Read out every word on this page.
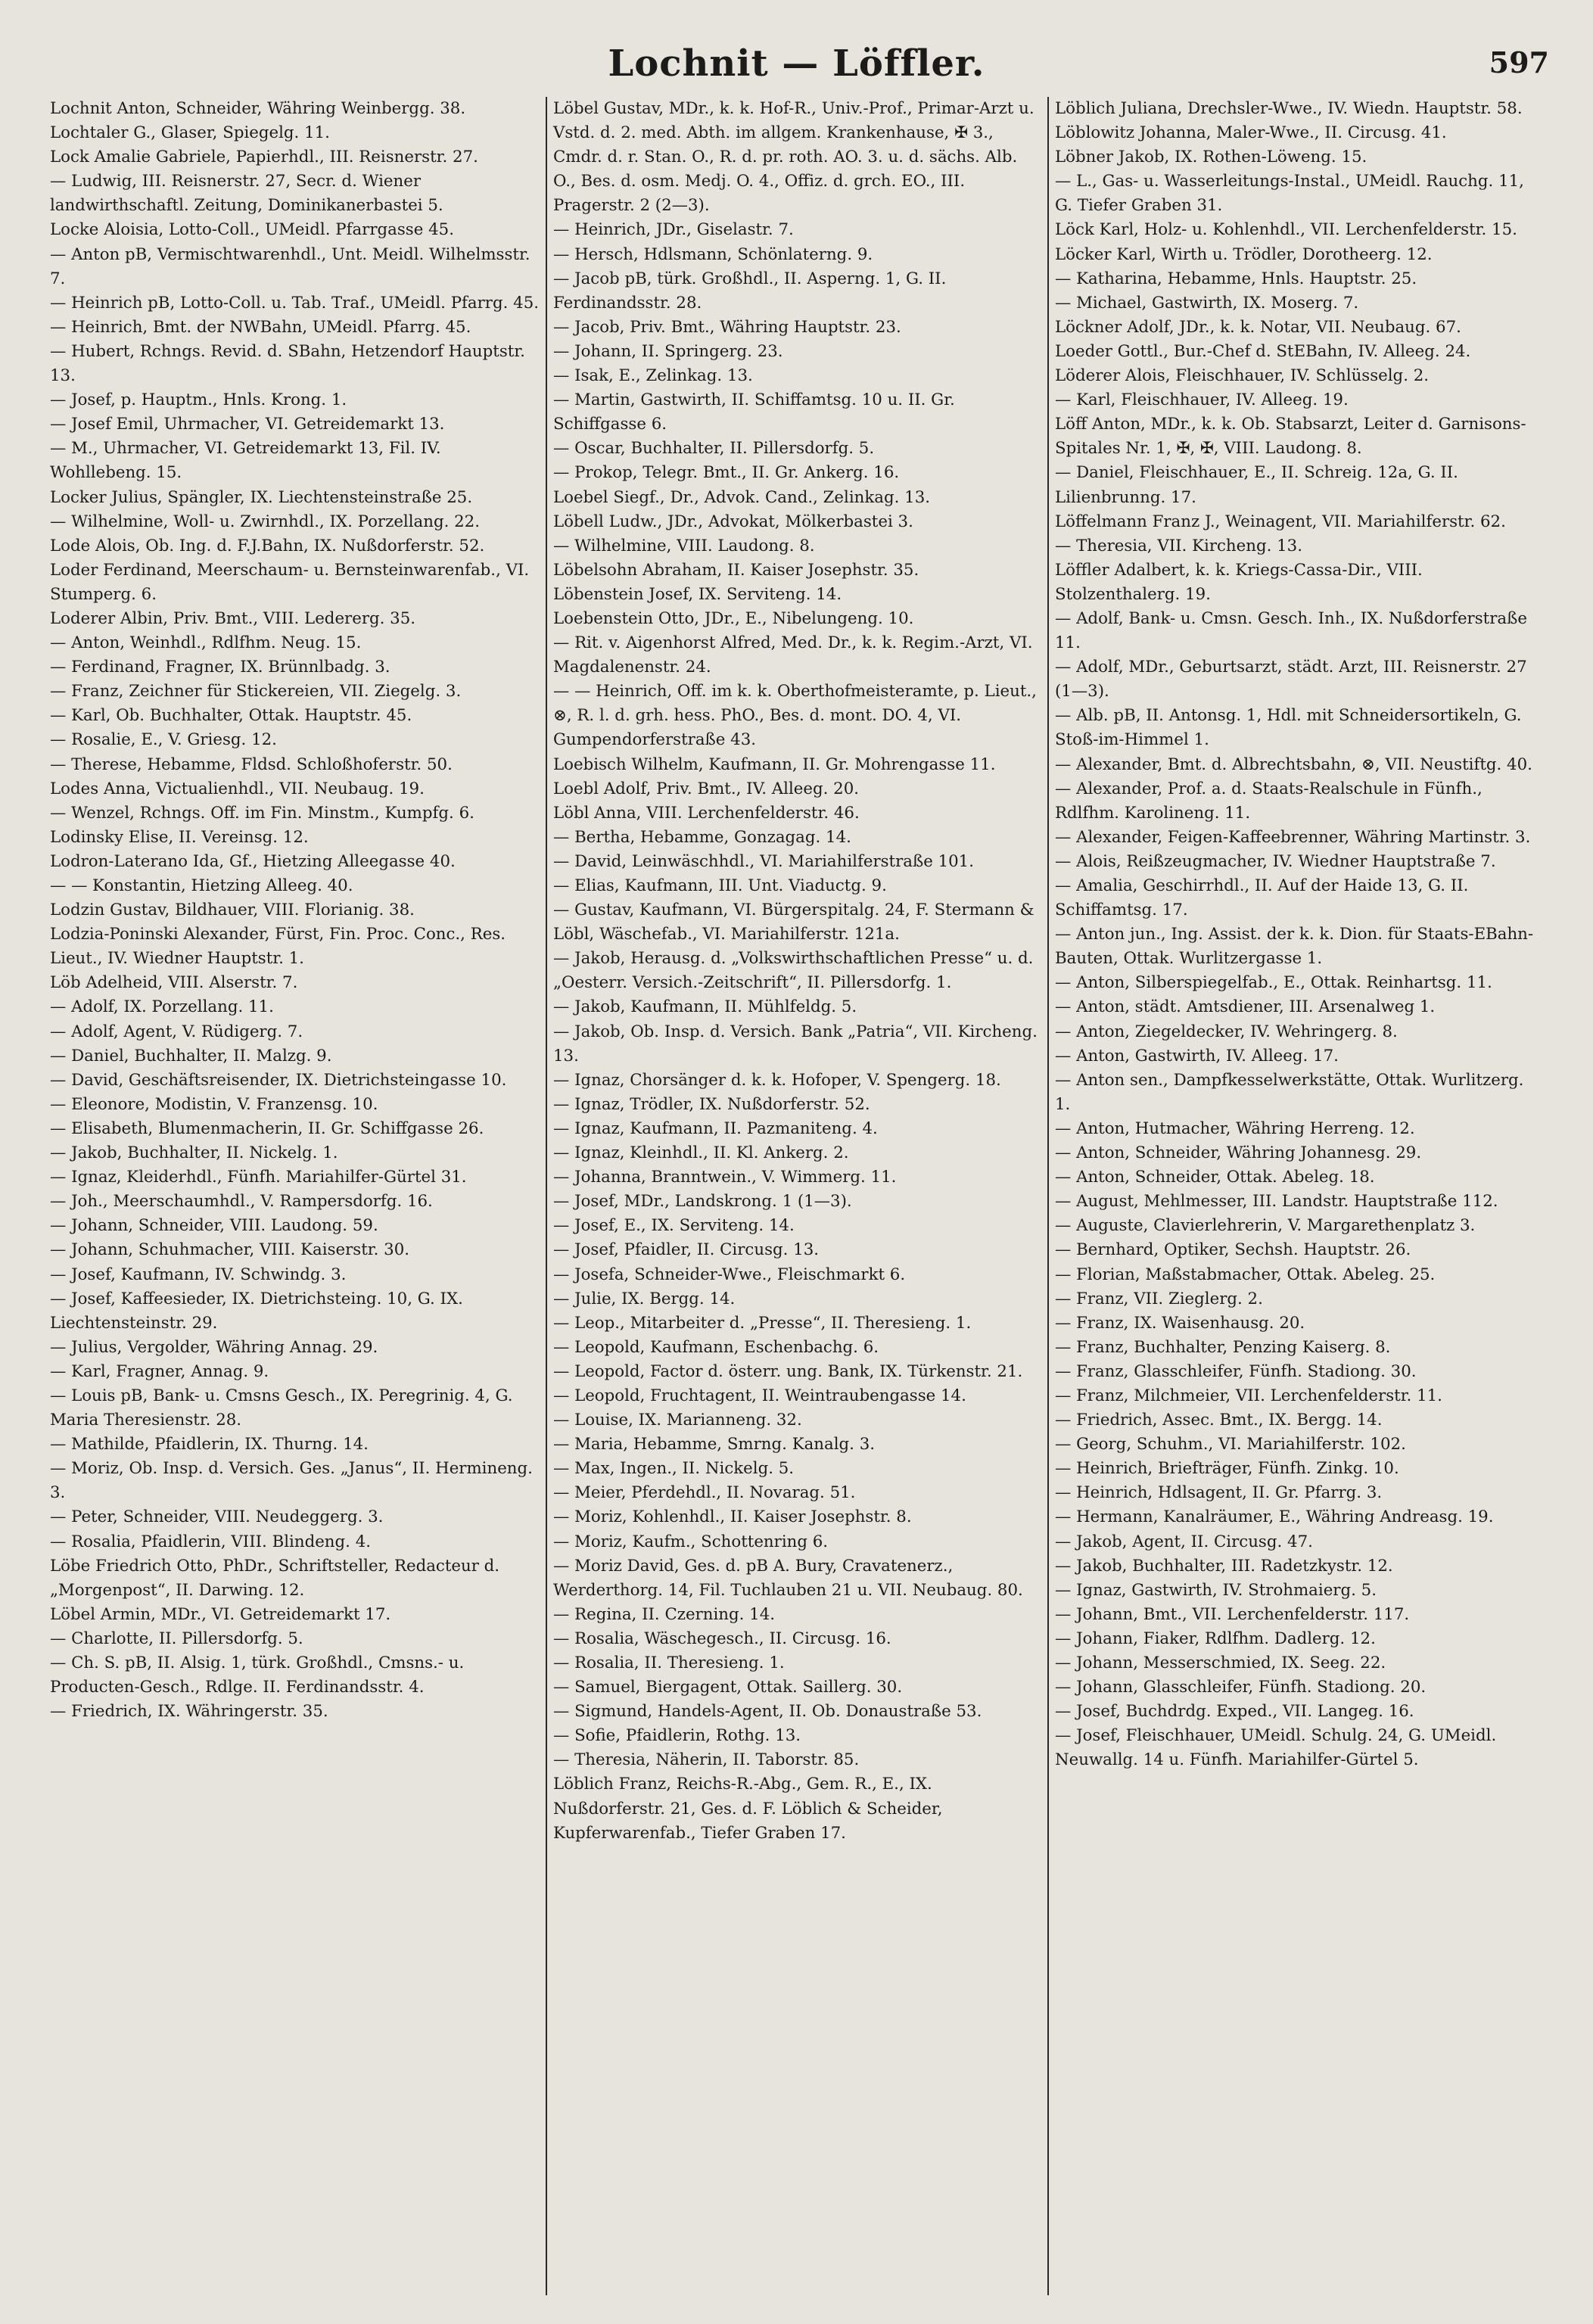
Lochnit — Löffler.	597
Lochnit Anton, Schneider, Währing Weinbergg. 38.
Lochtaler G., Glaser, Spiegelg. 11.
Lock Amalie Gabriele, Papierhdl., III. Reisnerstr. 27.
— Ludwig, III. Reisnerstr. 27, Secr. d. Wiener landwirthschaftl. Zeitung, Dominikanerbastei 5.
Locke Aloisia, Lotto-Coll., UMeidl. Pfarrgasse 45.
— Anton pB, Vermischtwarenhdl., Unt. Meidl. Wilhelmsstr. 7.
— Heinrich pB, Lotto-Coll. u. Tab. Traf., UMeidl. Pfarrg. 45.
— Heinrich, Bmt. der NWBahn, UMeidl. Pfarrg. 45.
— Hubert, Rchngs. Revid. d. SBahn, Hetzendorf Hauptstr. 13.
— Josef, p. Hauptm., Hnls. Krong. 1.
— Josef Emil, Uhrmacher, VI. Getreidemarkt 13.
— M., Uhrmacher, VI. Getreidemarkt 13, Fil. IV. Wohllebeng. 15.
Locker Julius, Spängler, IX. Liechtensteinstraße 25.
— Wilhelmine, Woll- u. Zwirnhdl., IX. Porzellang. 22.
Lode Alois, Ob. Ing. d. F.J.Bahn, IX. Nußdorferstr. 52.
Loder Ferdinand, Meerschaum- u. Bernsteinwarenfab., VI. Stumperg. 6.
Loderer Albin, Priv. Bmt., VIII. Ledererg. 35.
— Anton, Weinhdl., Rdlfhm. Neug. 15.
— Ferdinand, Fragner, IX. Brünnlbadg. 3.
— Franz, Zeichner für Stickereien, VII. Ziegelg. 3.
— Karl, Ob. Buchhalter, Ottak. Hauptstr. 45.
— Rosalie, E., V. Griesg. 12.
— Therese, Hebamme, Fldsd. Schloßhoferstr. 50.
Lodes Anna, Victualienhdl., VII. Neubaug. 19.
— Wenzel, Rchngs. Off. im Fin. Minstm., Kumpfg. 6.
Lodinsky Elise, II. Vereinsg. 12.
Lodron-Laterano Ida, Gf., Hietzing Alleegasse 40.
— — Konstantin, Hietzing Alleeg. 40.
Lodzin Gustav, Bildhauer, VIII. Florianig. 38.
Lodzia-Poninski Alexander, Fürst, Fin. Proc. Conc., Res. Lieut., IV. Wiedner Hauptstr. 1.
Löb Adelheid, VIII. Alserstr. 7.
— Adolf, IX. Porzellang. 11.
— Adolf, Agent, V. Rüdigerg. 7.
— Daniel, Buchhalter, II. Malzg. 9.
— David, Geschäftsreisender, IX. Dietrichsteingasse 10.
— Eleonore, Modistin, V. Franzensg. 10.
— Elisabeth, Blumenmacherin, II. Gr. Schiffgasse 26.
— Jakob, Buchhalter, II. Nickelg. 1.
— Ignaz, Kleiderhdl., Fünfh. Mariahilfer-Gürtel 31.
— Joh., Meerschaumhdl., V. Rampersdorfg. 16.
— Johann, Schneider, VIII. Laudong. 59.
— Johann, Schuhmacher, VIII. Kaiserstr. 30.
— Josef, Kaufmann, IV. Schwindg. 3.
— Josef, Kaffeesieder, IX. Dietrichsteing. 10, G. IX. Liechtensteinstr. 29.
— Julius, Vergolder, Währing Annag. 29.
— Karl, Fragner, Annag. 9.
— Louis pB, Bank- u. Cmsns Gesch., IX. Peregrinig. 4, G. Maria Theresienstr. 28.
— Mathilde, Pfaidlerin, IX. Thurng. 14.
— Moriz, Ob. Insp. d. Versich. Ges. „Janus“, II. Hermineng. 3.
— Peter, Schneider, VIII. Neudeggerg. 3.
— Rosalia, Pfaidlerin, VIII. Blindeng. 4.
Löbe Friedrich Otto, PhDr., Schriftsteller, Redacteur d. „Morgenpost“, II. Darwing. 12.
Löbel Armin, MDr., VI. Getreidemarkt 17.
— Charlotte, II. Pillersdorfg. 5.
— Ch. S. pB, II. Alsig. 1, türk. Großhdl., Cmsns.- u. Producten-Gesch., Rdlge. II. Ferdinandsstr. 4.
— Friedrich, IX. Währingerstr. 35.
Löbel Gustav, MDr., k. k. Hof-R., Univ.-Prof., Primar-Arzt u. Vstd. d. 2. med. Abth. im allgem. Krankenhause, ✠ 3., Cmdr. d. r. Stan. O., R. d. pr. roth. AO. 3. u. d. sächs. Alb. O., Bes. d. osm. Medj. O. 4., Offiz. d. grch. EO., III. Pragerstr. 2 (2—3).
— Heinrich, JDr., Giselastr. 7.
— Hersch, Hdlsmann, Schönlaterng. 9.
— Jacob pB, türk. Großhdl., II. Asperng. 1, G. II. Ferdinandsstr. 28.
— Jacob, Priv. Bmt., Währing Hauptstr. 23.
— Johann, II. Springerg. 23.
— Isak, E., Zelinkag. 13.
— Martin, Gastwirth, II. Schiffamtsg. 10 u. II. Gr. Schiffgasse 6.
— Oscar, Buchhalter, II. Pillersdorfg. 5.
— Prokop, Telegr. Bmt., II. Gr. Ankerg. 16.
Loebel Siegf., Dr., Advok. Cand., Zelinkag. 13.
Löbell Ludw., JDr., Advokat, Mölkerbastei 3.
— Wilhelmine, VIII. Laudong. 8.
Löbelsohn Abraham, II. Kaiser Josephstr. 35.
Löbenstein Josef, IX. Serviteng. 14.
Loebenstein Otto, JDr., E., Nibelungeng. 10.
— Rit. v. Aigenhorst Alfred, Med. Dr., k. k. Regim.-Arzt, VI. Magdalenenstr. 24.
— — Heinrich, Off. im k. k. Oberthofmeisteramte, p. Lieut., ⊗, R. l. d. grh. hess. PhO., Bes. d. mont. DO. 4, VI. Gumpendorferstraße 43.
Loebisch Wilhelm, Kaufmann, II. Gr. Mohrengasse 11.
Loebl Adolf, Priv. Bmt., IV. Alleeg. 20.
Löbl Anna, VIII. Lerchenfelderstr. 46.
— Bertha, Hebamme, Gonzagag. 14.
— David, Leinwäschhdl., VI. Mariahilferstraße 101.
— Elias, Kaufmann, III. Unt. Viaductg. 9.
— Gustav, Kaufmann, VI. Bürgerspitalg. 24, F. Stermann & Löbl, Wäschefab., VI. Mariahilferstr. 121a.
— Jakob, Herausg. d. „Volkswirthschaftlichen Presse“ u. d. „Oesterr. Versich.-Zeitschrift“, II. Pillersdorfg. 1.
— Jakob, Kaufmann, II. Mühlfeldg. 5.
— Jakob, Ob. Insp. d. Versich. Bank „Patria“, VII. Kircheng. 13.
— Ignaz, Chorsänger d. k. k. Hofoper, V. Spengerg. 18.
— Ignaz, Trödler, IX. Nußdorferstr. 52.
— Ignaz, Kaufmann, II. Pazmaniteng. 4.
— Ignaz, Kleinhdl., II. Kl. Ankerg. 2.
— Johanna, Branntwein., V. Wimmerg. 11.
— Josef, MDr., Landskrong. 1 (1—3).
— Josef, E., IX. Serviteng. 14.
— Josef, Pfaidler, II. Circusg. 13.
— Josefa, Schneider-Wwe., Fleischmarkt 6.
— Julie, IX. Bergg. 14.
— Leop., Mitarbeiter d. „Presse“, II. Theresieng. 1.
— Leopold, Kaufmann, Eschenbachg. 6.
— Leopold, Factor d. österr. ung. Bank, IX. Türkenstr. 21.
— Leopold, Fruchtagent, II. Weintraubengasse 14.
— Louise, IX. Marianneng. 32.
— Maria, Hebamme, Smrng. Kanalg. 3.
— Max, Ingen., II. Nickelg. 5.
— Meier, Pferdehdl., II. Novarag. 51.
— Moriz, Kohlenhdl., II. Kaiser Josephstr. 8.
— Moriz, Kaufm., Schottenring 6.
— Moriz David, Ges. d. pB A. Bury, Cravatenerz., Werderthorg. 14, Fil. Tuchlauben 21 u. VII. Neubaug. 80.
— Regina, II. Czerning. 14.
— Rosalia, Wäschegesch., II. Circusg. 16.
— Rosalia, II. Theresieng. 1.
— Samuel, Biergagent, Ottak. Saillerg. 30.
— Sigmund, Handels-Agent, II. Ob. Donaustraße 53.
— Sofie, Pfaidlerin, Rothg. 13.
— Theresia, Näherin, II. Taborstr. 85.
Löblich Franz, Reichs-R.-Abg., Gem. R., E., IX. Nußdorferstr. 21, Ges. d. F. Löblich & Scheider, Kupferwarenfab., Tiefer Graben 17.
Löblich Juliana, Drechsler-Wwe., IV. Wiedn. Hauptstr. 58.
Löblowitz Johanna, Maler-Wwe., II. Circusg. 41.
Löbner Jakob, IX. Rothen-Löweng. 15.
— L., Gas- u. Wasserleitungs-Instal., UMeidl. Rauchg. 11, G. Tiefer Graben 31.
Löck Karl, Holz- u. Kohlenhdl., VII. Lerchenfelderstr. 15.
Löcker Karl, Wirth u. Trödler, Dorotheerg. 12.
— Katharina, Hebamme, Hnls. Hauptstr. 25.
— Michael, Gastwirth, IX. Moserg. 7.
Löckner Adolf, JDr., k. k. Notar, VII. Neubaug. 67.
Loeder Gottl., Bur.-Chef d. StEBahn, IV. Alleeg. 24.
Löderer Alois, Fleischhauer, IV. Schlüsselg. 2.
— Karl, Fleischhauer, IV. Alleeg. 19.
Löff Anton, MDr., k. k. Ob. Stabsarzt, Leiter d. Garnisons-Spitales Nr. 1, ✠, ✠, VIII. Laudong. 8.
— Daniel, Fleischhauer, E., II. Schreig. 12a, G. II. Lilienbrunng. 17.
Löffelmann Franz J., Weinagent, VII. Mariahilferstr. 62.
— Theresia, VII. Kircheng. 13.
Löffler Adalbert, k. k. Kriegs-Cassa-Dir., VIII. Stolzenthalerg. 19.
— Adolf, Bank- u. Cmsn. Gesch. Inh., IX. Nußdorferstraße 11.
— Adolf, MDr., Geburtsarzt, städt. Arzt, III. Reisnerstr. 27 (1—3).
— Alb. pB, II. Antonsg. 1, Hdl. mit Schneidersortikeln, G. Stoß-im-Himmel 1.
— Alexander, Bmt. d. Albrechtsbahn, ⊗, VII. Neustiftg. 40.
— Alexander, Prof. a. d. Staats-Realschule in Fünfh., Rdlfhm. Karolineng. 11.
— Alexander, Feigen-Kaffeebrenner, Währing Martinstr. 3.
— Alois, Reißzeugmacher, IV. Wiedner Hauptstraße 7.
— Amalia, Geschirrhdl., II. Auf der Haide 13, G. II. Schiffamtsg. 17.
— Anton jun., Ing. Assist. der k. k. Dion. für Staats-EBahn-Bauten, Ottak. Wurlitzergasse 1.
— Anton, Silberspiegelfab., E., Ottak. Reinhartsg. 11.
— Anton, städt. Amtsdiener, III. Arsenalweg 1.
— Anton, Ziegeldecker, IV. Wehringerg. 8.
— Anton, Gastwirth, IV. Alleeg. 17.
— Anton sen., Dampfkesselwerkstätte, Ottak. Wurlitzerg. 1.
— Anton, Hutmacher, Währing Herreng. 12.
— Anton, Schneider, Währing Johannesg. 29.
— Anton, Schneider, Ottak. Abeleg. 18.
— August, Mehlmesser, III. Landstr. Hauptstraße 112.
— Auguste, Clavierlehrerin, V. Margarethenplatz 3.
— Bernhard, Optiker, Sechsh. Hauptstr. 26.
— Florian, Maßstabmacher, Ottak. Abeleg. 25.
— Franz, VII. Zieglerg. 2.
— Franz, IX. Waisenhausg. 20.
— Franz, Buchhalter, Penzing Kaiserg. 8.
— Franz, Glasschleifer, Fünfh. Stadiong. 30.
— Franz, Milchmeier, VII. Lerchenfelderstr. 11.
— Friedrich, Assec. Bmt., IX. Bergg. 14.
— Georg, Schuhm., VI. Mariahilferstr. 102.
— Heinrich, Briefträger, Fünfh. Zinkg. 10.
— Heinrich, Hdlsagent, II. Gr. Pfarrg. 3.
— Hermann, Kanalräumer, E., Währing Andreasg. 19.
— Jakob, Agent, II. Circusg. 47.
— Jakob, Buchhalter, III. Radetzkystr. 12.
— Ignaz, Gastwirth, IV. Strohmaierg. 5.
— Johann, Bmt., VII. Lerchenfelderstr. 117.
— Johann, Fiaker, Rdlfhm. Dadlerg. 12.
— Johann, Messerschmied, IX. Seeg. 22.
— Johann, Glasschleifer, Fünfh. Stadiong. 20.
— Josef, Buchdrdg. Exped., VII. Langeg. 16.
— Josef, Fleischhauer, UMeidl. Schulg. 24, G. UMeidl. Neuwallg. 14 u. Fünfh. Mariahilfer-Gürtel 5.
